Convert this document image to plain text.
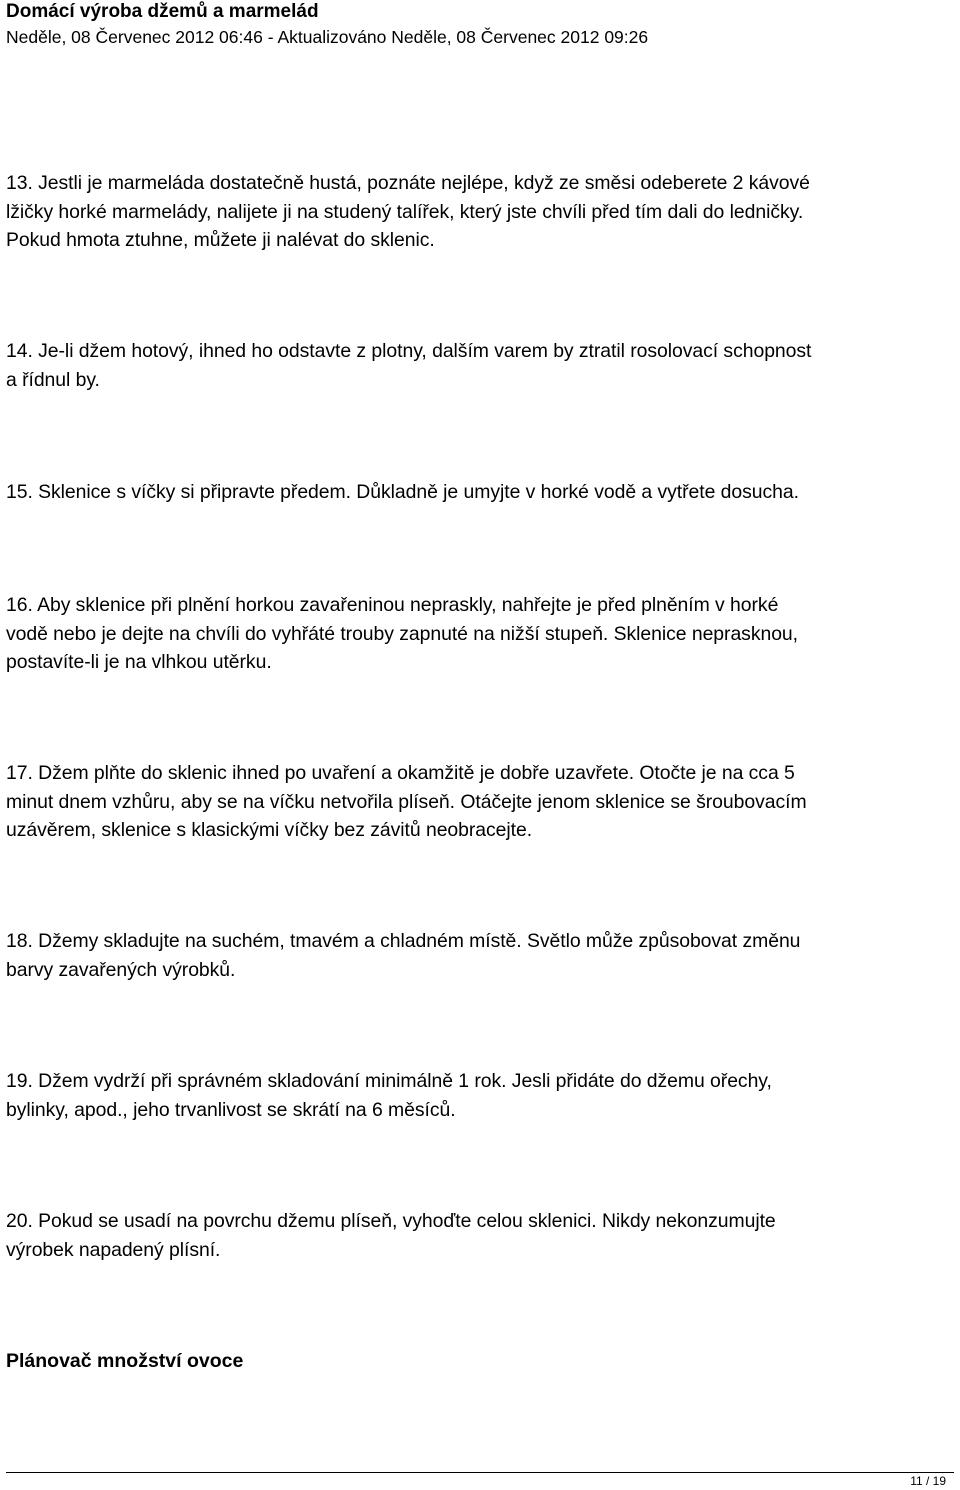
Domácí výroba džemů a marmelád
Neděle, 08 Červenec 2012 06:46 - Aktualizováno Neděle, 08 Červenec 2012 09:26
13. Jestli je marmeláda dostatečně hustá, poznáte nejlépe, když ze směsi odeberete 2 kávové
lžičky horké marmelády, nalijete ji na studený talířek, který jste chvíli před tím dali do ledničky.
Pokud hmota ztuhne, můžete ji nalévat do sklenic.
14. Je-li džem hotový, ihned ho odstavte z plotny, dalším varem by ztratil rosolovací schopnost
a řídnul by.
15. Sklenice s víčky si připravte předem. Důkladně je umyjte v horké vodě a vytřete dosucha.
16. Aby sklenice při plnění horkou zavařeninou nepraskly, nahřejte je před plněním v horké
vodě nebo je dejte na chvíli do vyhřáté trouby zapnuté na nižší stupeň. Sklenice neprasknou,
postavíte-li je na vlhkou utěrku.
17. Džem plňte do sklenic ihned po uvaření a okamžitě je dobře uzavřete. Otočte je na cca 5
minut dnem vzhůru, aby se na víčku netvořila plíseň. Otáčejte jenom sklenice se šroubovacím
uzávěrem, sklenice s klasickými víčky bez závitů neobracejte.
18. Džemy skladujte na suchém, tmavém a chladném místě. Světlo může způsobovat změnu
barvy zavařených výrobků.
19. Džem vydrží při správném skladování minimálně 1 rok. Jesli přidáte do džemu ořechy,
bylinky, apod., jeho trvanlivost se skrátí na 6 měsíců.
20. Pokud se usadí na povrchu džemu plíseň, vyhoďte celou sklenici. Nikdy nekonzumujte
výrobek napadený plísní.
Plánovač množství ovoce
11 / 19
